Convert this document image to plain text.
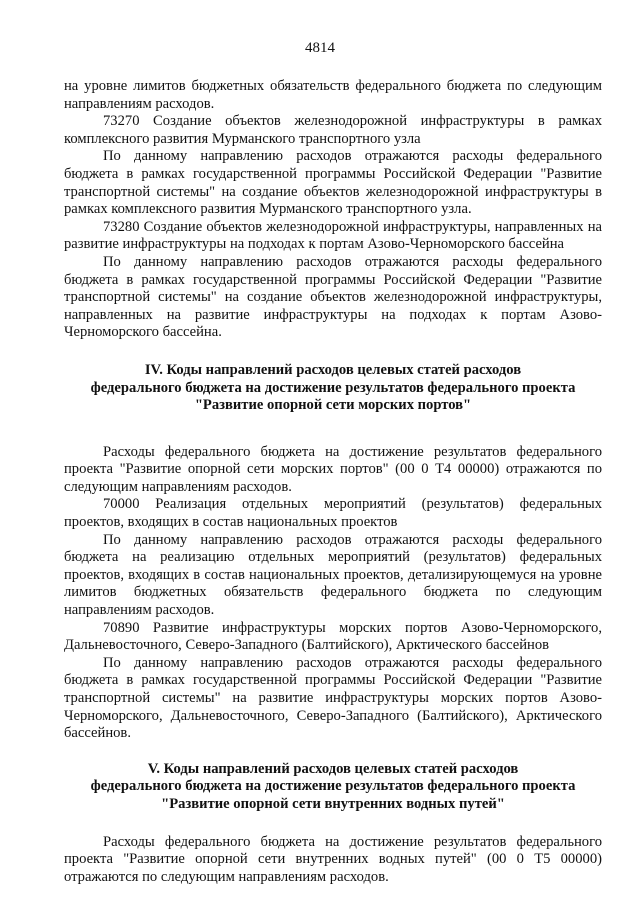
4814

на уровне лимитов бюджетных обязательств федерального бюджета по следующим направлениям расходов.

73270 Создание объектов железнодорожной инфраструктуры в рамках комплексного развития Мурманского транспортного узла

По данному направлению расходов отражаются расходы федерального бюджета в рамках государственной программы Российской Федерации "Развитие транспортной системы" на создание объектов железнодорожной инфраструктуры в рамках комплексного развития Мурманского транспортного узла.

73280 Создание объектов железнодорожной инфраструктуры, направленных на развитие инфраструктуры на подходах к портам Азово-Черноморского бассейна

По данному направлению расходов отражаются расходы федерального бюджета в рамках государственной программы Российской Федерации "Развитие транспортной системы" на создание объектов железнодорожной инфраструктуры, направленных на развитие инфраструктуры на подходах к портам Азово-Черноморского бассейна.

IV. Коды направлений расходов целевых статей расходов
федерального бюджета на достижение результатов федерального проекта
"Развитие опорной сети морских портов"

Расходы федерального бюджета на достижение результатов федерального проекта "Развитие опорной сети морских портов" (00 0 Т4 00000) отражаются по следующим направлениям расходов.

70000 Реализация отдельных мероприятий (результатов) федеральных проектов, входящих в состав национальных проектов

По данному направлению расходов отражаются расходы федерального бюджета на реализацию отдельных мероприятий (результатов) федеральных проектов, входящих в состав национальных проектов, детализирующемуся на уровне лимитов бюджетных обязательств федерального бюджета по следующим направлениям расходов.

70890 Развитие инфраструктуры морских портов Азово-Черноморского, Дальневосточного, Северо-Западного (Балтийского), Арктического бассейнов

По данному направлению расходов отражаются расходы федерального бюджета в рамках государственной программы Российской Федерации "Развитие транспортной системы" на развитие инфраструктуры морских портов Азово-Черноморского, Дальневосточного, Северо-Западного (Балтийского), Арктического бассейнов.

V. Коды направлений расходов целевых статей расходов
федерального бюджета на достижение результатов федерального проекта
"Развитие опорной сети внутренних водных путей"

Расходы федерального бюджета на достижение результатов федерального проекта "Развитие опорной сети внутренних водных путей" (00 0 Т5 00000) отражаются по следующим направлениям расходов.
